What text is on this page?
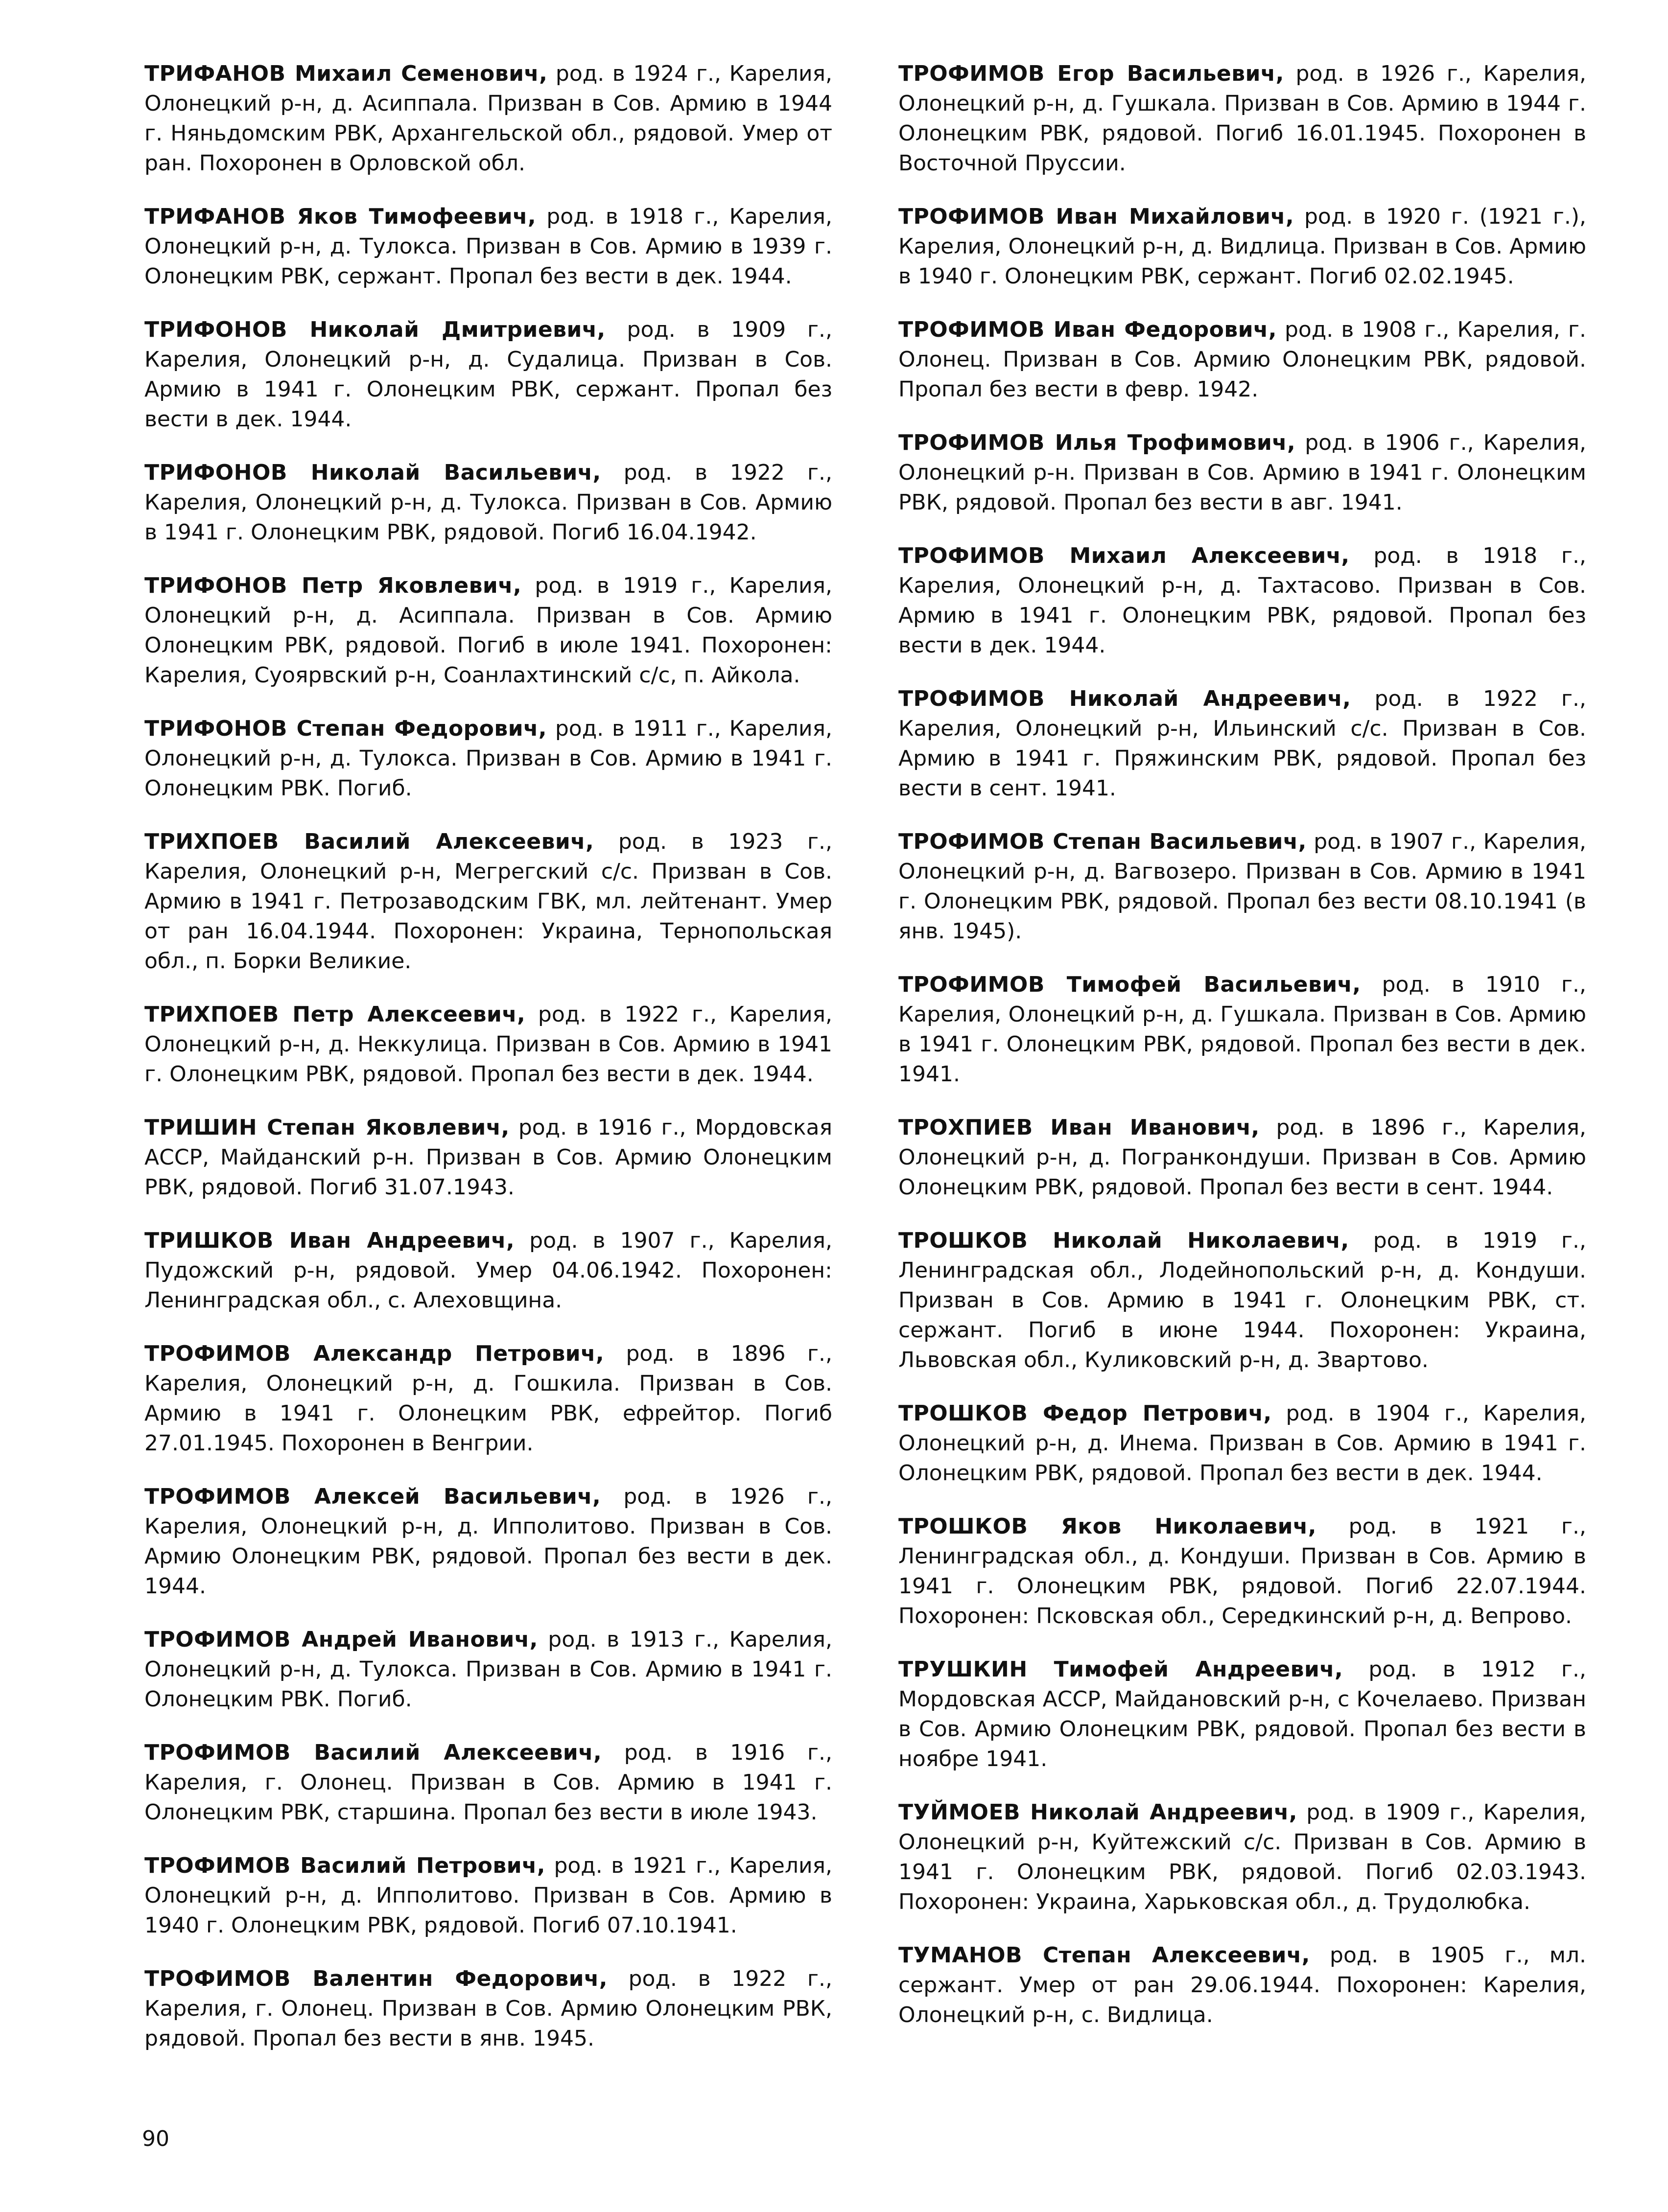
ТРИФАНОВ Михаил Семенович, род. в 1924 г., Карелия, Олонецкий р-н, д. Асиппала. Призван в Сов. Армию в 1944 г. Няньдомским РВК, Архангельской обл., рядовой. Умер от ран. Похоронен в Орловской обл.

ТРИФАНОВ Яков Тимофеевич, род. в 1918 г., Карелия, Олонецкий р-н, д. Тулокса. Призван в Сов. Армию в 1939 г. Олонецким РВК, сержант. Пропал без вести в дек. 1944.

ТРИФОНОВ Николай Дмитриевич, род. в 1909 г., Карелия, Олонецкий р-н, д. Судалица. Призван в Сов. Армию в 1941 г. Олонецким РВК, сержант. Пропал без вести в дек. 1944.

ТРИФОНОВ Николай Васильевич, род. в 1922 г., Карелия, Олонецкий р-н, д. Тулокса. Призван в Сов. Армию в 1941 г. Олонецким РВК, рядовой. Погиб 16.04.1942.

ТРИФОНОВ Петр Яковлевич, род. в 1919 г., Карелия, Олонецкий р-н, д. Асиппала. Призван в Сов. Армию Олонецким РВК, рядовой. Погиб в июле 1941. Похоронен: Карелия, Суоярвский р-н, Соанлахтинский с/с, п. Айкола.

ТРИФОНОВ Степан Федорович, род. в 1911 г., Карелия, Олонецкий р-н, д. Тулокса. Призван в Сов. Армию в 1941 г. Олонецким РВК. Погиб.

ТРИХПОЕВ Василий Алексеевич, род. в 1923 г., Карелия, Олонецкий р-н, Мегрегский с/с. Призван в Сов. Армию в 1941 г. Петрозаводским ГВК, мл. лейтенант. Умер от ран 16.04.1944. Похоронен: Украина, Тернопольская обл., п. Борки Великие.

ТРИХПОЕВ Петр Алексеевич, род. в 1922 г., Карелия, Олонецкий р-н, д. Неккулица. Призван в Сов. Армию в 1941 г. Олонецким РВК, рядовой. Пропал без вести в дек. 1944.

ТРИШИН Степан Яковлевич, род. в 1916 г., Мордовская АССР, Майданский р-н. Призван в Сов. Армию Олонецким РВК, рядовой. Погиб 31.07.1943.

ТРИШКОВ Иван Андреевич, род. в 1907 г., Карелия, Пудожский р-н, рядовой. Умер 04.06.1942. Похоронен: Ленинградская обл., с. Алеховщина.

ТРОФИМОВ Александр Петрович, род. в 1896 г., Карелия, Олонецкий р-н, д. Гошкила. Призван в Сов. Армию в 1941 г. Олонецким РВК, ефрейтор. Погиб 27.01.1945. Похоронен в Венгрии.

ТРОФИМОВ Алексей Васильевич, род. в 1926 г., Карелия, Олонецкий р-н, д. Ипполитово. Призван в Сов. Армию Олонецким РВК, рядовой. Пропал без вести в дек. 1944.

ТРОФИМОВ Андрей Иванович, род. в 1913 г., Карелия, Олонецкий р-н, д. Тулокса. Призван в Сов. Армию в 1941 г. Олонецким РВК. Погиб.

ТРОФИМОВ Василий Алексеевич, род. в 1916 г., Карелия, г. Олонец. Призван в Сов. Армию в 1941 г. Олонецким РВК, старшина. Пропал без вести в июле 1943.

ТРОФИМОВ Василий Петрович, род. в 1921 г., Карелия, Олонецкий р-н, д. Ипполитово. Призван в Сов. Армию в 1940 г. Олонецким РВК, рядовой. Погиб 07.10.1941.

ТРОФИМОВ Валентин Федорович, род. в 1922 г., Карелия, г. Олонец. Призван в Сов. Армию Олонецким РВК, рядовой. Пропал без вести в янв. 1945.

ТРОФИМОВ Егор Васильевич, род. в 1926 г., Карелия, Олонецкий р-н, д. Гушкала. Призван в Сов. Армию в 1944 г. Олонецким РВК, рядовой. Погиб 16.01.1945. Похоронен в Восточной Пруссии.

ТРОФИМОВ Иван Михайлович, род. в 1920 г. (1921 г.), Карелия, Олонецкий р-н, д. Видлица. Призван в Сов. Армию в 1940 г. Олонецким РВК, сержант. Погиб 02.02.1945.

ТРОФИМОВ Иван Федорович, род. в 1908 г., Карелия, г. Олонец. Призван в Сов. Армию Олонецким РВК, рядовой. Пропал без вести в февр. 1942.

ТРОФИМОВ Илья Трофимович, род. в 1906 г., Карелия, Олонецкий р-н. Призван в Сов. Армию в 1941 г. Олонецким РВК, рядовой. Пропал без вести в авг. 1941.

ТРОФИМОВ Михаил Алексеевич, род. в 1918 г., Карелия, Олонецкий р-н, д. Тахтасово. Призван в Сов. Армию в 1941 г. Олонецким РВК, рядовой. Пропал без вести в дек. 1944.

ТРОФИМОВ Николай Андреевич, род. в 1922 г., Карелия, Олонецкий р-н, Ильинский с/с. Призван в Сов. Армию в 1941 г. Пряжинским РВК, рядовой. Пропал без вести в сент. 1941.

ТРОФИМОВ Степан Васильевич, род. в 1907 г., Карелия, Олонецкий р-н, д. Вагвозеро. Призван в Сов. Армию в 1941 г. Олонецким РВК, рядовой. Пропал без вести 08.10.1941 (в янв. 1945).

ТРОФИМОВ Тимофей Васильевич, род. в 1910 г., Карелия, Олонецкий р-н, д. Гушкала. Призван в Сов. Армию в 1941 г. Олонецким РВК, рядовой. Пропал без вести в дек. 1941.

ТРОХПИЕВ Иван Иванович, род. в 1896 г., Карелия, Олонецкий р-н, д. Погранкондуши. Призван в Сов. Армию Олонецким РВК, рядовой. Пропал без вести в сент. 1944.

ТРОШКОВ Николай Николаевич, род. в 1919 г., Ленинградская обл., Лодейнопольский р-н, д. Кондуши. Призван в Сов. Армию в 1941 г. Олонецким РВК, ст. сержант. Погиб в июне 1944. Похоронен: Украина, Львовская обл., Куликовский р-н, д. Звартово.

ТРОШКОВ Федор Петрович, род. в 1904 г., Карелия, Олонецкий р-н, д. Инема. Призван в Сов. Армию в 1941 г. Олонецким РВК, рядовой. Пропал без вести в дек. 1944.

ТРОШКОВ Яков Николаевич, род. в 1921 г., Ленинградская обл., д. Кондуши. Призван в Сов. Армию в 1941 г. Олонецким РВК, рядовой. Погиб 22.07.1944. Похоронен: Псковская обл., Середкинский р-н, д. Вепрово.

ТРУШКИН Тимофей Андреевич, род. в 1912 г., Мордовская АССР, Майдановский р-н, с Кочелаево. Призван в Сов. Армию Олонецким РВК, рядовой. Пропал без вести в ноябре 1941.

ТУЙМОЕВ Николай Андреевич, род. в 1909 г., Карелия, Олонецкий р-н, Куйтежский с/с. Призван в Сов. Армию в 1941 г. Олонецким РВК, рядовой. Погиб 02.03.1943. Похоронен: Украина, Харьковская обл., д. Трудолюбка.

ТУМАНОВ Степан Алексеевич, род. в 1905 г., мл. сержант. Умер от ран 29.06.1944. Похоронен: Карелия, Олонецкий р-н, с. Видлица.

90
